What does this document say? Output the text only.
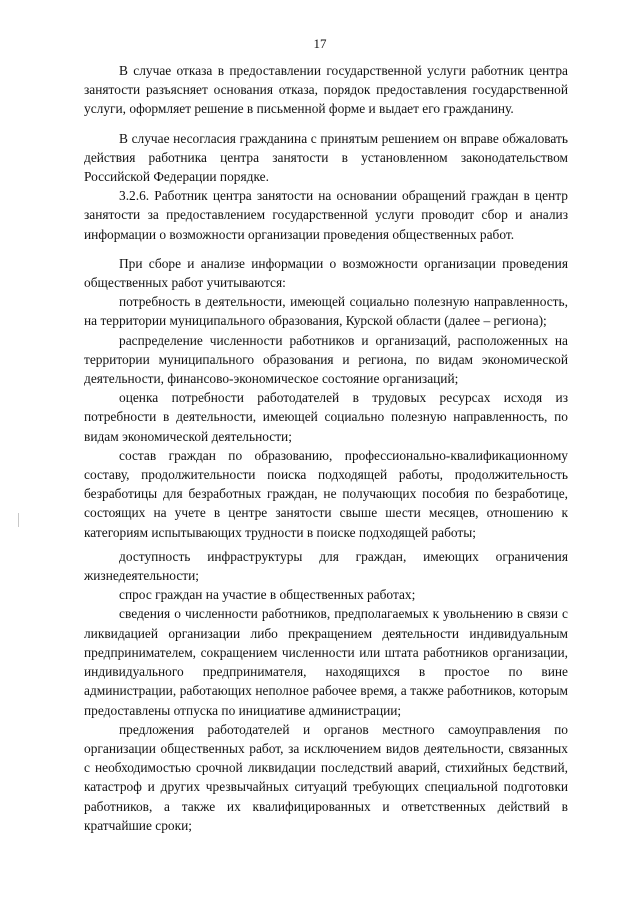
17

В случае отказа в предоставлении государственной услуги работник центра занятости разъясняет основания отказа, порядок предоставления государственной услуги, оформляет решение в письменной форме и выдает его гражданину.

В случае несогласия гражданина с принятым решением он вправе обжаловать действия работника центра занятости в установленном законодательством Российской Федерации порядке.

3.2.6. Работник центра занятости на основании обращений граждан в центр занятости за предоставлением государственной услуги проводит сбор и анализ информации о возможности организации проведения общественных работ.

При сборе и анализе информации о возможности организации проведения общественных работ учитываются:

потребность в деятельности, имеющей социально полезную направленность, на территории муниципального образования, Курской области (далее – региона);

распределение численности работников и организаций, расположенных на территории муниципального образования и региона, по видам экономической деятельности, финансово-экономическое состояние организаций;

оценка потребности работодателей в трудовых ресурсах исходя из потребности в деятельности, имеющей социально полезную направленность, по видам экономической деятельности;

состав граждан по образованию, профессионально-квалификационному составу, продолжительности поиска подходящей работы, продолжительность безработицы для безработных граждан, не получающих пособия по безработице, состоящих на учете в центре занятости свыше шести месяцев, отношению к категориям испытывающих трудности в поиске подходящей работы;

доступность инфраструктуры для граждан, имеющих ограничения жизнедеятельности;

спрос граждан на участие в общественных работах;

сведения о численности работников, предполагаемых к увольнению в связи с ликвидацией организации либо прекращением деятельности индивидуальным предпринимателем, сокращением численности или штата работников организации, индивидуального предпринимателя, находящихся в простое по вине администрации, работающих неполное рабочее время, а также работников, которым предоставлены отпуска по инициативе администрации;

предложения работодателей и органов местного самоуправления по организации общественных работ, за исключением видов деятельности, связанных с необходимостью срочной ликвидации последствий аварий, стихийных бедствий, катастроф и других чрезвычайных ситуаций требующих специальной подготовки работников, а также их квалифицированных и ответственных действий в кратчайшие сроки;
